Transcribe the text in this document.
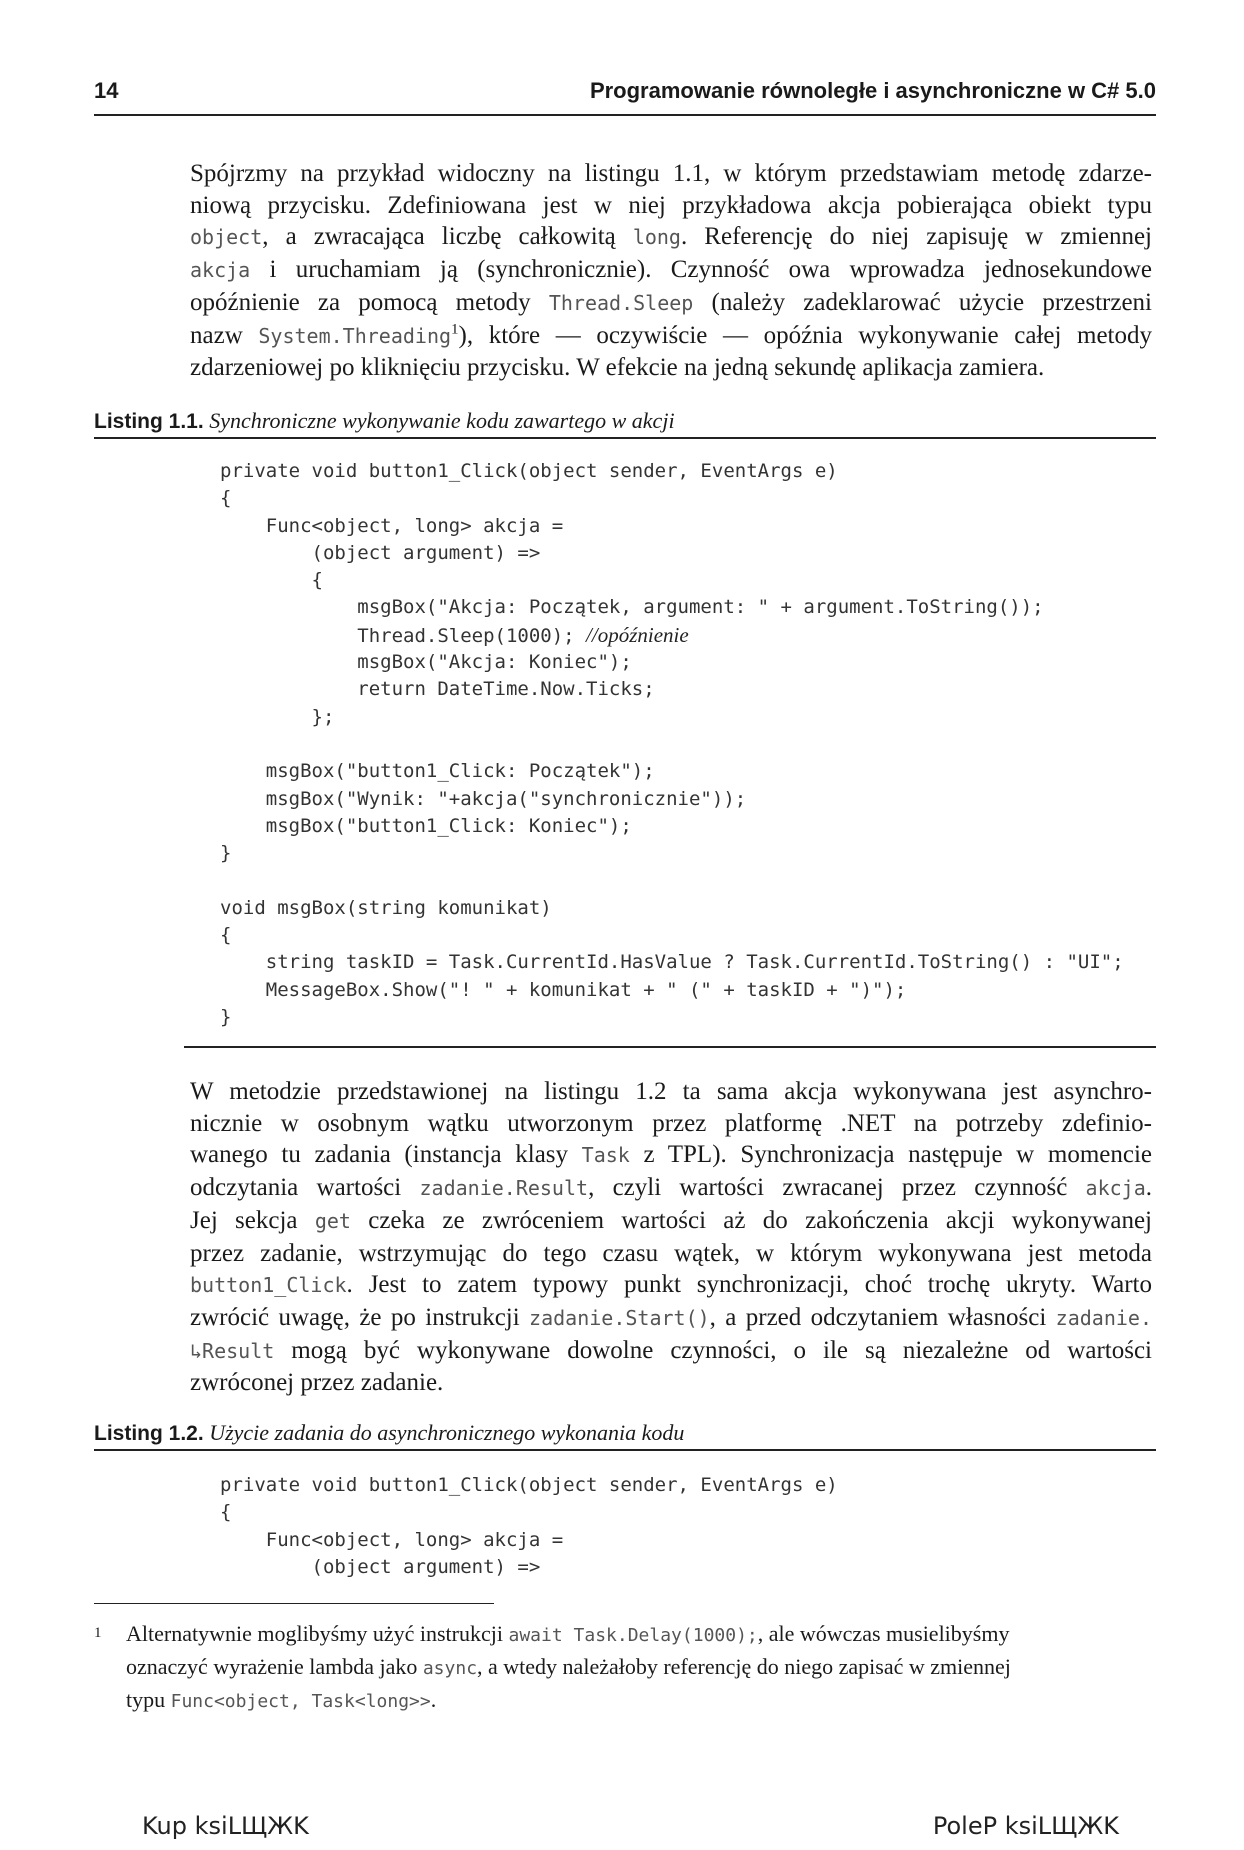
14	Programowanie równoległe i asynchroniczne w C# 5.0
Spójrzmy na przykład widoczny na listingu 1.1, w którym przedstawiam metodę zdarze-
niową przycisku. Zdefiniowana jest w niej przykładowa akcja pobierająca obiekt typu
object, a zwracająca liczbę całkowitą long. Referencję do niej zapisuję w zmiennej
akcja i uruchamiam ją (synchronicznie). Czynność owa wprowadza jednosekundowe
opóźnienie za pomocą metody Thread.Sleep (należy zadeklarować użycie przestrzeni
nazw System.Threading$^1$), które — oczywiście — opóźnia wykonywanie całej metody
zdarzeniowej po kliknięciu przycisku. W efekcie na jedną sekundę aplikacja zamiera.
Listing 1.1. Synchroniczne wykonywanie kodu zawartego w akcji
private void button1_Click(object sender, EventArgs e)
{
Func<object, long> akcja =
(object argument) =>
{
msgBox("Akcja: Początek, argument: " + argument.ToString());
Thread.Sleep(1000); //opóźnienie
msgBox("Akcja: Koniec");
return DateTime.Now.Ticks;
};
msgBox("button1_Click: Początek");
msgBox("Wynik: "+akcja("synchronicznie"));
msgBox("button1_Click: Koniec");
}
void msgBox(string komunikat)
{
string taskID = Task.CurrentId.HasValue ? Task.CurrentId.ToString() : "UI";
MessageBox.Show("! " + komunikat + " (" + taskID + ")");
}
W metodzie przedstawionej na listingu 1.2 ta sama akcja wykonywana jest asynchro-
nicznie w osobnym wątku utworzonym przez platformę .NET na potrzeby zdefinio-
wanego tu zadania (instancja klasy Task z TPL). Synchronizacja następuje w momencie
odczytania wartości zadanie.Result, czyli wartości zwracanej przez czynność akcja.
Jej sekcja get czeka ze zwróceniem wartości aż do zakończenia akcji wykonywanej
przez zadanie, wstrzymując do tego czasu wątek, w którym wykonywana jest metoda
button1_Click. Jest to zatem typowy punkt synchronizacji, choć trochę ukryty. Warto
zwrócić uwagę, że po instrukcji zadanie.Start(), a przed odczytaniem własności zadanie.
↳Result mogą być wykonywane dowolne czynności, o ile są niezależne od wartości
zwróconej przez zadanie.
Listing 1.2. Użycie zadania do asynchronicznego wykonania kodu
private void button1_Click(object sender, EventArgs e)
{
Func<object, long> akcja =
(object argument) =>
1 Alternatywnie moglibyśmy użyć instrukcji await Task.Delay(1000);, ale wówczas musielibyśmy
oznaczyć wyrażenie lambda jako async, a wtedy należałoby referencję do niego zapisać w zmiennej
typu Func<object, Task<long>>.
Kup ksiLЩЖK	PoleP ksiLЩЖK
